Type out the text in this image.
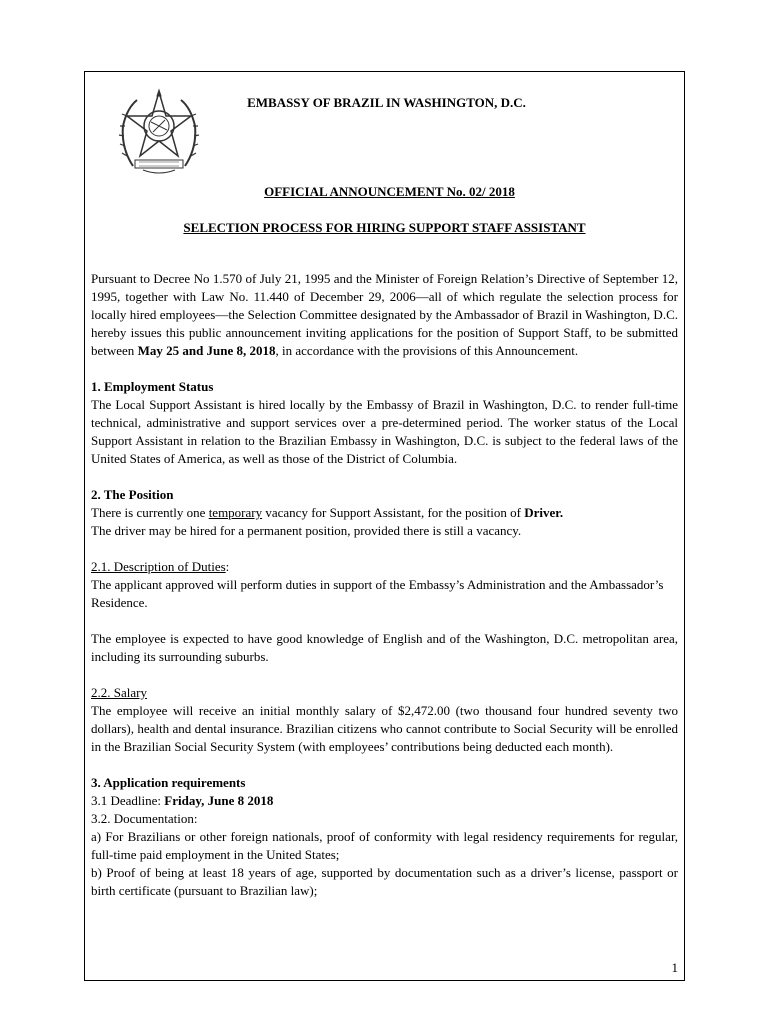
EMBASSY OF BRAZIL IN WASHINGTON, D.C.
OFFICIAL ANNOUNCEMENT No. 02/ 2018
SELECTION PROCESS FOR HIRING SUPPORT STAFF ASSISTANT

Pursuant to Decree No 1.570 of July 21, 1995 and the Minister of Foreign Relation’s Directive of September 12, 1995, together with Law No. 11.440 of December 29, 2006—all of which regulate the selection process for locally hired employees—the Selection Committee designated by the Ambassador of Brazil in Washington, D.C. hereby issues this public announcement inviting applications for the position of Support Staff, to be submitted between May 25 and June 8, 2018, in accordance with the provisions of this Announcement.

1. Employment Status

The Local Support Assistant is hired locally by the Embassy of Brazil in Washington, D.C. to render full-time technical, administrative and support services over a pre-determined period. The worker status of the Local Support Assistant in relation to the Brazilian Embassy in Washington, D.C. is subject to the federal laws of the United States of America, as well as those of the District of Columbia.

2. The Position

There is currently one temporary vacancy for Support Assistant, for the position of Driver.

The driver may be hired for a permanent position, provided there is still a vacancy.

2.1. Description of Duties:

The applicant approved will perform duties in support of the Embassy’s Administration and the Ambassador’s Residence.

The employee is expected to have good knowledge of English and of the Washington, D.C. metropolitan area, including its surrounding suburbs.

2.2. Salary

The employee will receive an initial monthly salary of $2,472.00 (two thousand four hundred seventy two dollars), health and dental insurance. Brazilian citizens who cannot contribute to Social Security will be enrolled in the Brazilian Social Security System (with employees’ contributions being deducted each month).

3. Application requirements

3.1 Deadline: Friday, June 8 2018

3.2. Documentation:

a) For Brazilians or other foreign nationals, proof of conformity with legal residency requirements for regular, full-time paid employment in the United States;

b) Proof of being at least 18 years of age, supported by documentation such as a driver’s license, passport or birth certificate (pursuant to Brazilian law);

1
